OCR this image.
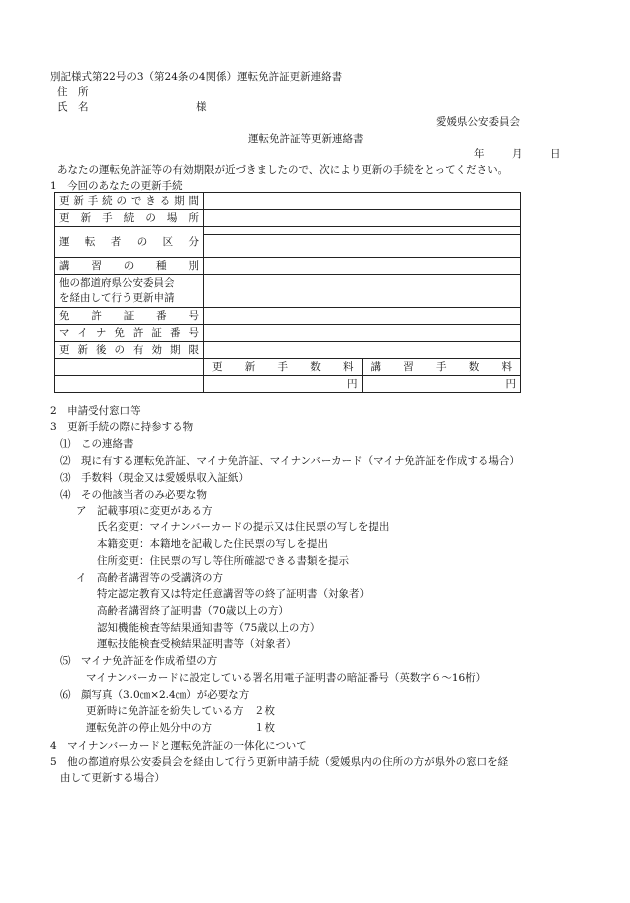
別記様式第22号の3（第24条の4関係）運転免許証更新連絡書
住　所
氏　名	様
愛媛県公安委員会
運転免許証等更新連絡書
年	月	日
あなたの運転免許証等の有効期限が近づきましたので、次により更新の手続をとってください。
1　今回のあなたの更新手続
更新手続のできる期間		
更新手続の場所		
運転者の区分		

講習の種別		
他の都道府県公安委員会
を経由して行う更新申請		
免許証番号		
マイナ免許証番号		
更新後の有効期限		
	更　新　手　数　料	講　習　手　数　料
	円	円
2　申請受付窓口等
3　更新手続の際に持参する物
⑴　この連絡書
⑵　現に有する運転免許証、マイナ免許証、マイナンバーカード（マイナ免許証を作成する場合）
⑶　手数料（現金又は愛媛県収入証紙）
⑷　その他該当者のみ必要な物
ア　記載事項に変更がある方
氏名変更：マイナンバーカードの提示又は住民票の写しを提出
本籍変更：本籍地を記載した住民票の写しを提出
住所変更：住民票の写し等住所確認できる書類を提示
イ　高齢者講習等の受講済の方
特定認定教育又は特定任意講習等の終了証明書（対象者）
高齢者講習終了証明書（70歳以上の方）
認知機能検査等結果通知書等（75歳以上の方）
運転技能検査受検結果証明書等（対象者）
⑸　マイナ免許証を作成希望の方
マイナンバーカードに設定している署名用電子証明書の暗証番号（英数字６～16桁）
⑹　顔写真（3.0㎝×2.4㎝）が必要な方
更新時に免許証を紛失している方　２枚
運転免許の停止処分中の方　　　　１枚
4　マイナンバーカードと運転免許証の一体化について
5　他の都道府県公安委員会を経由して行う更新申請手続（愛媛県内の住所の方が県外の窓口を経
由して更新する場合）
